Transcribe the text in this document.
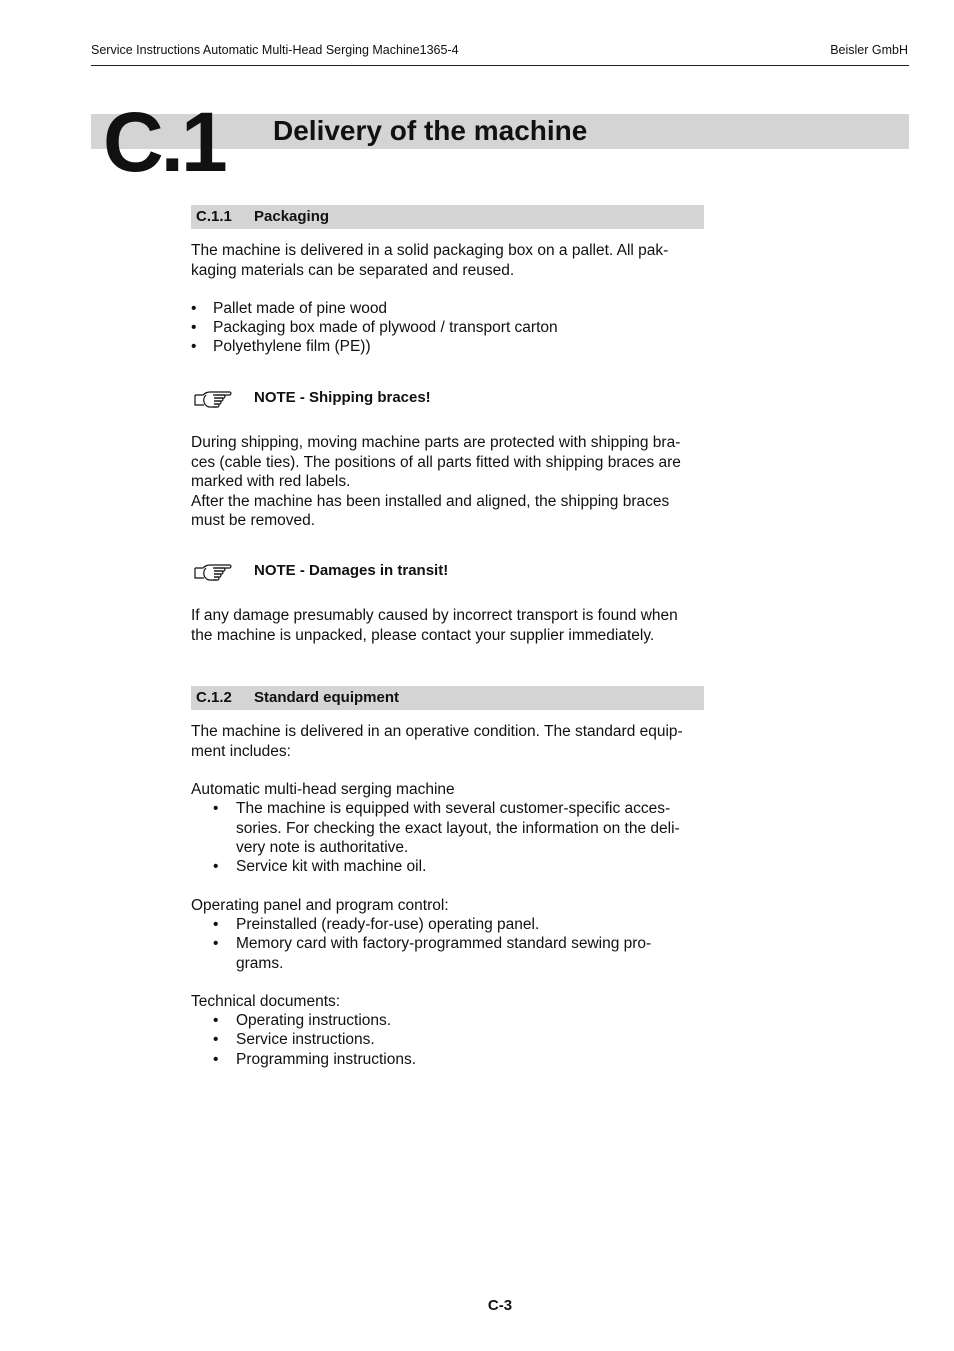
Service Instructions Automatic Multi-Head Serging Machine1365-4	Beisler GmbH
C.1 Delivery of the machine
C.1.1 Packaging
The machine is delivered in a solid packaging box on a pallet. All pak-
kaging materials can be separated and reused.
• Pallet made of pine wood
• Packaging box made of plywood / transport carton
• Polyethylene film (PE))
NOTE - Shipping braces!
During shipping, moving machine parts are protected with shipping bra-
ces (cable ties). The positions of all parts fitted with shipping braces are
marked with red labels.
After the machine has been installed and aligned, the shipping braces
must be removed.
NOTE - Damages in transit!
If any damage presumably caused by incorrect transport is found when
the machine is unpacked, please contact your supplier immediately.
C.1.2 Standard equipment
The machine is delivered in an operative condition. The standard equip-
ment includes:
Automatic multi-head serging machine
• The machine is equipped with several customer-specific acces-
sories. For checking the exact layout, the information on the deli-
very note is authoritative.
• Service kit with machine oil.
Operating panel and program control:
• Preinstalled (ready-for-use) operating panel.
• Memory card with factory-programmed standard sewing pro-
grams.
Technical documents:
• Operating instructions.
• Service instructions.
• Programming instructions.
C-3
